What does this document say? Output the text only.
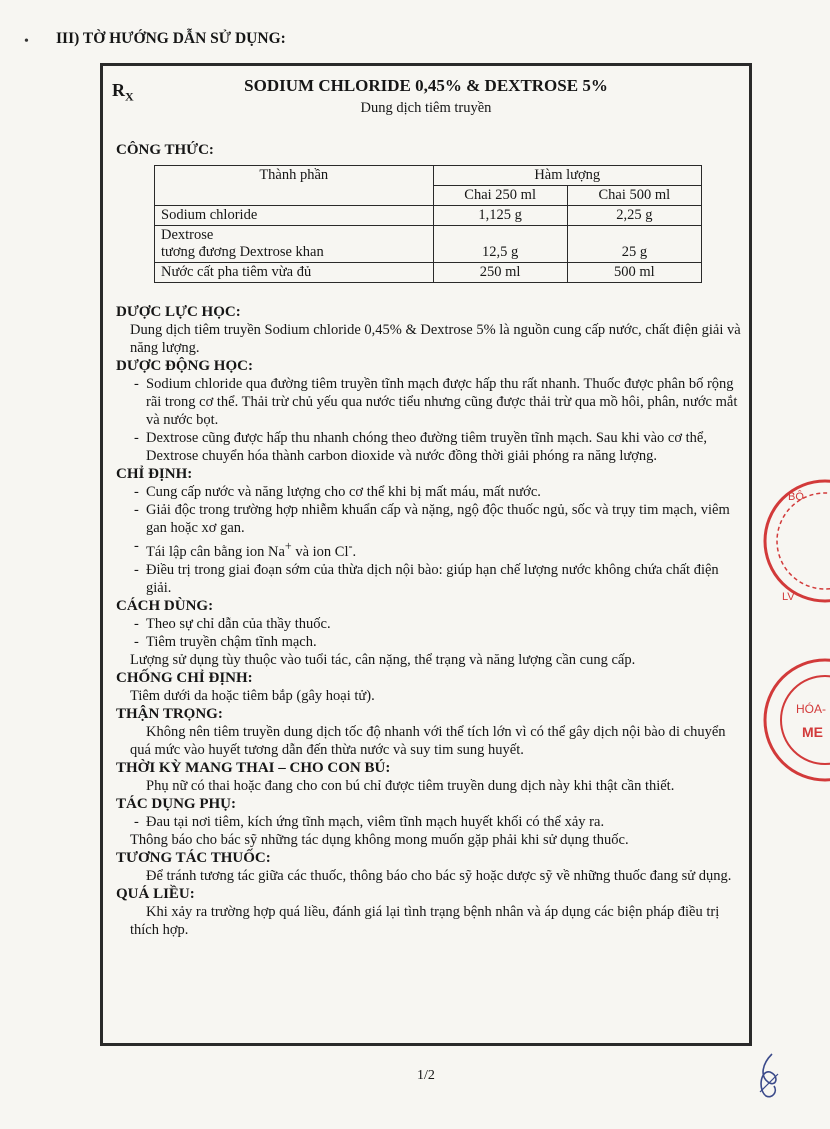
• III) TỜ HƯỚNG DẪN SỬ DỤNG:
$R_X$
SODIUM CHLORIDE 0,45% & DEXTROSE 5%
Dung dịch tiêm truyền

CÔNG THỨC:

Thành phần	Hàm lượng	
	Chai 250 ml	Chai 500 ml
Sodium chloride	1,125 g	2,25 g

Dextrose
tương đương Dextrose khan	12,5 g	25 g
Nước cất pha tiêm vừa đủ	250 ml	500 ml

DƯỢC LỰC HỌC:

Dung dịch tiêm truyền Sodium chloride 0,45% & Dextrose 5% là nguồn cung cấp nước, chất điện giải và năng lượng.

DƯỢC ĐỘNG HỌC:

- Sodium chloride qua đường tiêm truyền tĩnh mạch được hấp thu rất nhanh. Thuốc được phân bố rộng rãi trong cơ thể. Thải trừ chủ yếu qua nước tiểu nhưng cũng được thải trừ qua mồ hôi, phân, nước mắt và nước bọt.
- Dextrose cũng được hấp thu nhanh chóng theo đường tiêm truyền tĩnh mạch. Sau khi vào cơ thể, Dextrose chuyển hóa thành carbon dioxide và nước đồng thời giải phóng ra năng lượng.

CHỈ ĐỊNH:

- Cung cấp nước và năng lượng cho cơ thể khi bị mất máu, mất nước.
- Giải độc trong trường hợp nhiễm khuẩn cấp và nặng, ngộ độc thuốc ngủ, sốc và trụy tim mạch, viêm gan hoặc xơ gan.
- Tái lập cân bằng ion Na+ và ion Cl-.
- Điều trị trong giai đoạn sớm của thừa dịch nội bào: giúp hạn chế lượng nước không chứa chất điện giải.

CÁCH DÙNG:

- Theo sự chỉ dẫn của thầy thuốc.
- Tiêm truyền chậm tĩnh mạch.

Lượng sử dụng tùy thuộc vào tuổi tác, cân nặng, thể trạng và năng lượng cần cung cấp.

CHỐNG CHỈ ĐỊNH:

Tiêm dưới da hoặc tiêm bắp (gây hoại tử).

THẬN TRỌNG:

Không nên tiêm truyền dung dịch tốc độ nhanh với thể tích lớn vì có thể gây dịch nội bào di chuyển quá mức vào huyết tương dẫn đến thừa nước và suy tim sung huyết.

THỜI KỲ MANG THAI – CHO CON BÚ:

Phụ nữ có thai hoặc đang cho con bú chỉ được tiêm truyền dung dịch này khi thật cần thiết.

TÁC DỤNG PHỤ:

- Đau tại nơi tiêm, kích ứng tĩnh mạch, viêm tĩnh mạch huyết khối có thể xảy ra.

Thông báo cho bác sỹ những tác dụng không mong muốn gặp phải khi sử dụng thuốc.

TƯƠNG TÁC THUỐC:

Để tránh tương tác giữa các thuốc, thông báo cho bác sỹ hoặc dược sỹ về những thuốc đang sử dụng.

QUÁ LIỀU:

Khi xảy ra trường hợp quá liều, đánh giá lại tình trạng bệnh nhân và áp dụng các biện pháp điều trị thích hợp.

1/2
BÔ
LV
HÓA-
ME
